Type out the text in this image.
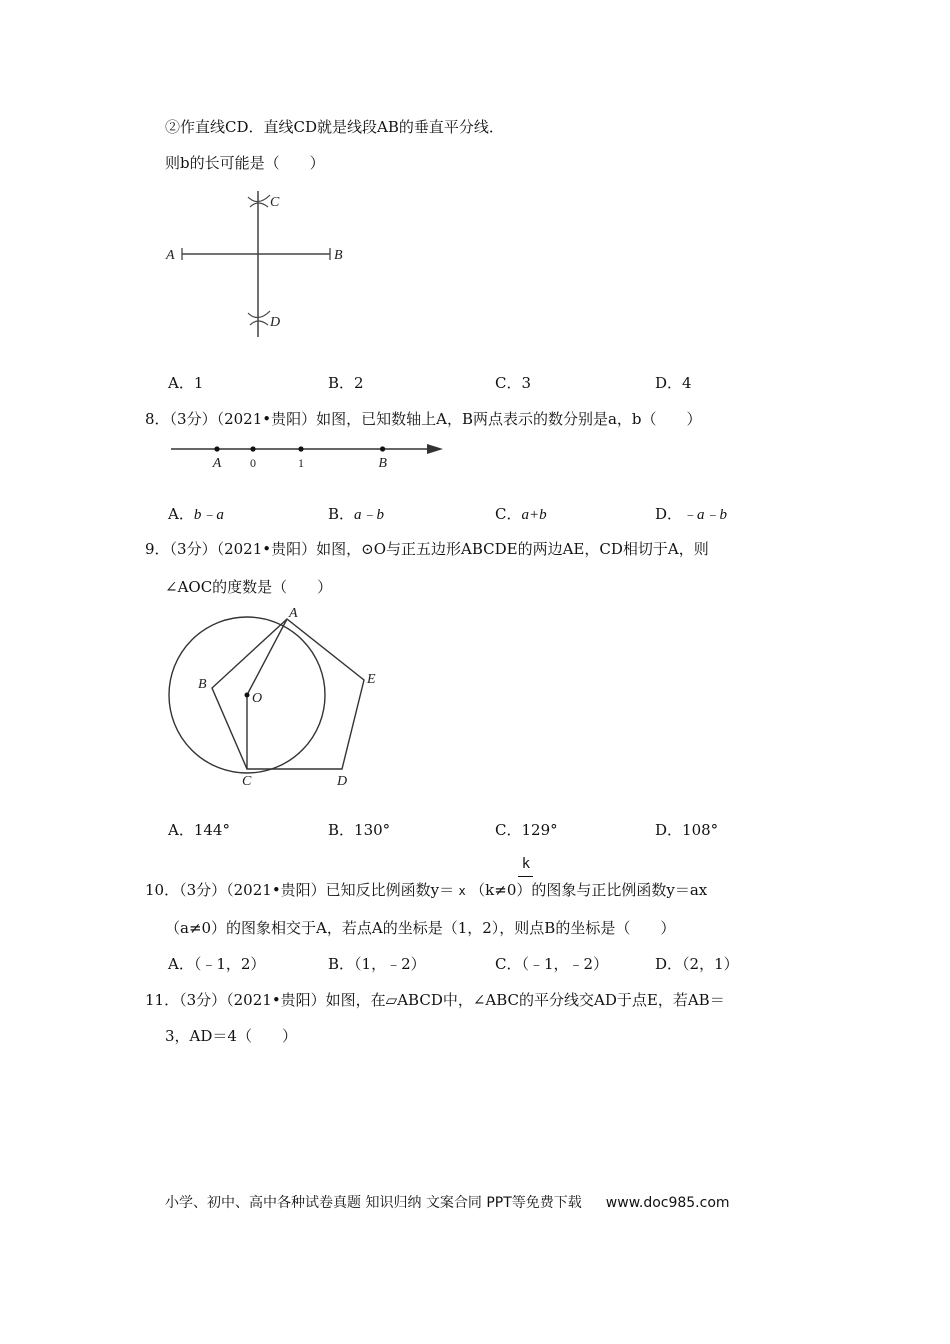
②作直线CD．直线CD就是线段AB的垂直平分线．
则b的长可能是（　　）
A	B
C
D
A．1	B．2	C．3	D．4
8．（3分）（2021•贵阳）如图，已知数轴上A，B两点表示的数分别是a，b（　　）
A 0	1	B
A．b﹣a	B．a﹣b	C．a+b	D．﹣a﹣b
9．（3分）（2021•贵阳）如图，⊙O与正五边形ABCDE的两边AE，CD相切于A，则
∠AOC的度数是（　　）
A
B
C	D
E
O
A．144°	B．130°	C．129°	D．108°
k
10．（3分）（2021•贵阳）已知反比例函数y＝ x （k≠0）的图象与正比例函数y＝ax
（a≠0）的图象相交于A，若点A的坐标是（1，2），则点B的坐标是（　　）
A．（﹣1，2）	B．（1，﹣2）	C．（﹣1，﹣2）	D．（2，1）
11．（3分）（2021•贵阳）如图，在▱ABCD中，∠ABC的平分线交AD于点E，若AB＝
3，AD＝4（　　）
小学、初中、高中各种试卷真题 知识归纳 文案合同 PPT等免费下载 www.doc985.com
